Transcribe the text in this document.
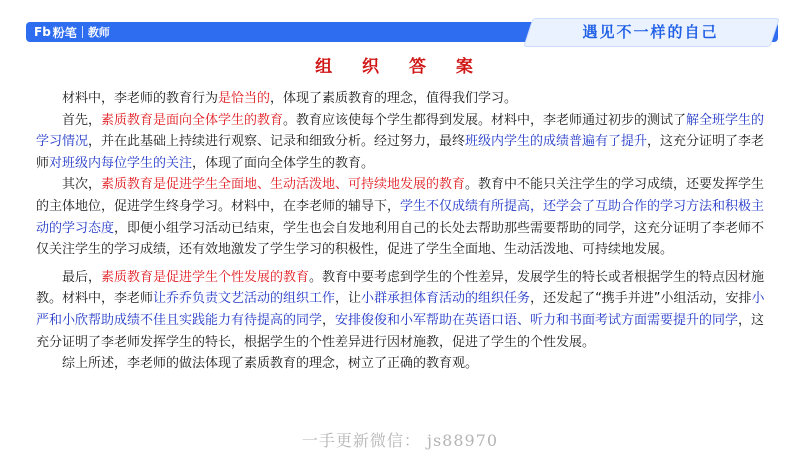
Fb 粉笔 教师	遇见不一样的自己
组 织 答 案

材料中，李老师的教育行为是恰当的，体现了素质教育的理念，值得我们学习。

首先，素质教育是面向全体学生的教育。教育应该使每个学生都得到发展。材料中，李老师通过初步的测试了解全班学生的学习情况，并在此基础上持续进行观察、记录和细致分析。经过努力，最终班级内学生的成绩普遍有了提升，这充分证明了李老师对班级内每位学生的关注，体现了面向全体学生的教育。

其次，素质教育是促进学生全面地、生动活泼地、可持续地发展的教育。教育中不能只关注学生的学习成绩，还要发挥学生的主体地位，促进学生终身学习。材料中，在李老师的辅导下，学生不仅成绩有所提高，还学会了互助合作的学习方法和积极主动的学习态度，即便小组学习活动已结束，学生也会自发地利用自己的长处去帮助那些需要帮助的同学，这充分证明了李老师不仅关注学生的学习成绩，还有效地激发了学生学习的积极性，促进了学生全面地、生动活泼地、可持续地发展。

最后，素质教育是促进学生个性发展的教育。教育中要考虑到学生的个性差异，发展学生的特长或者根据学生的特点因材施教。材料中，李老师让乔乔负责文艺活动的组织工作，让小群承担体育活动的组织任务，还发起了“携手并进”小组活动，安排小严和小欣帮助成绩不佳且实践能力有待提高的同学，安排俊俊和小军帮助在英语口语、听力和书面考试方面需要提升的同学，这充分证明了李老师发挥学生的特长，根据学生的个性差异进行因材施教，促进了学生的个性发展。

综上所述，李老师的做法体现了素质教育的理念，树立了正确的教育观。

一手更新微信： js88970
